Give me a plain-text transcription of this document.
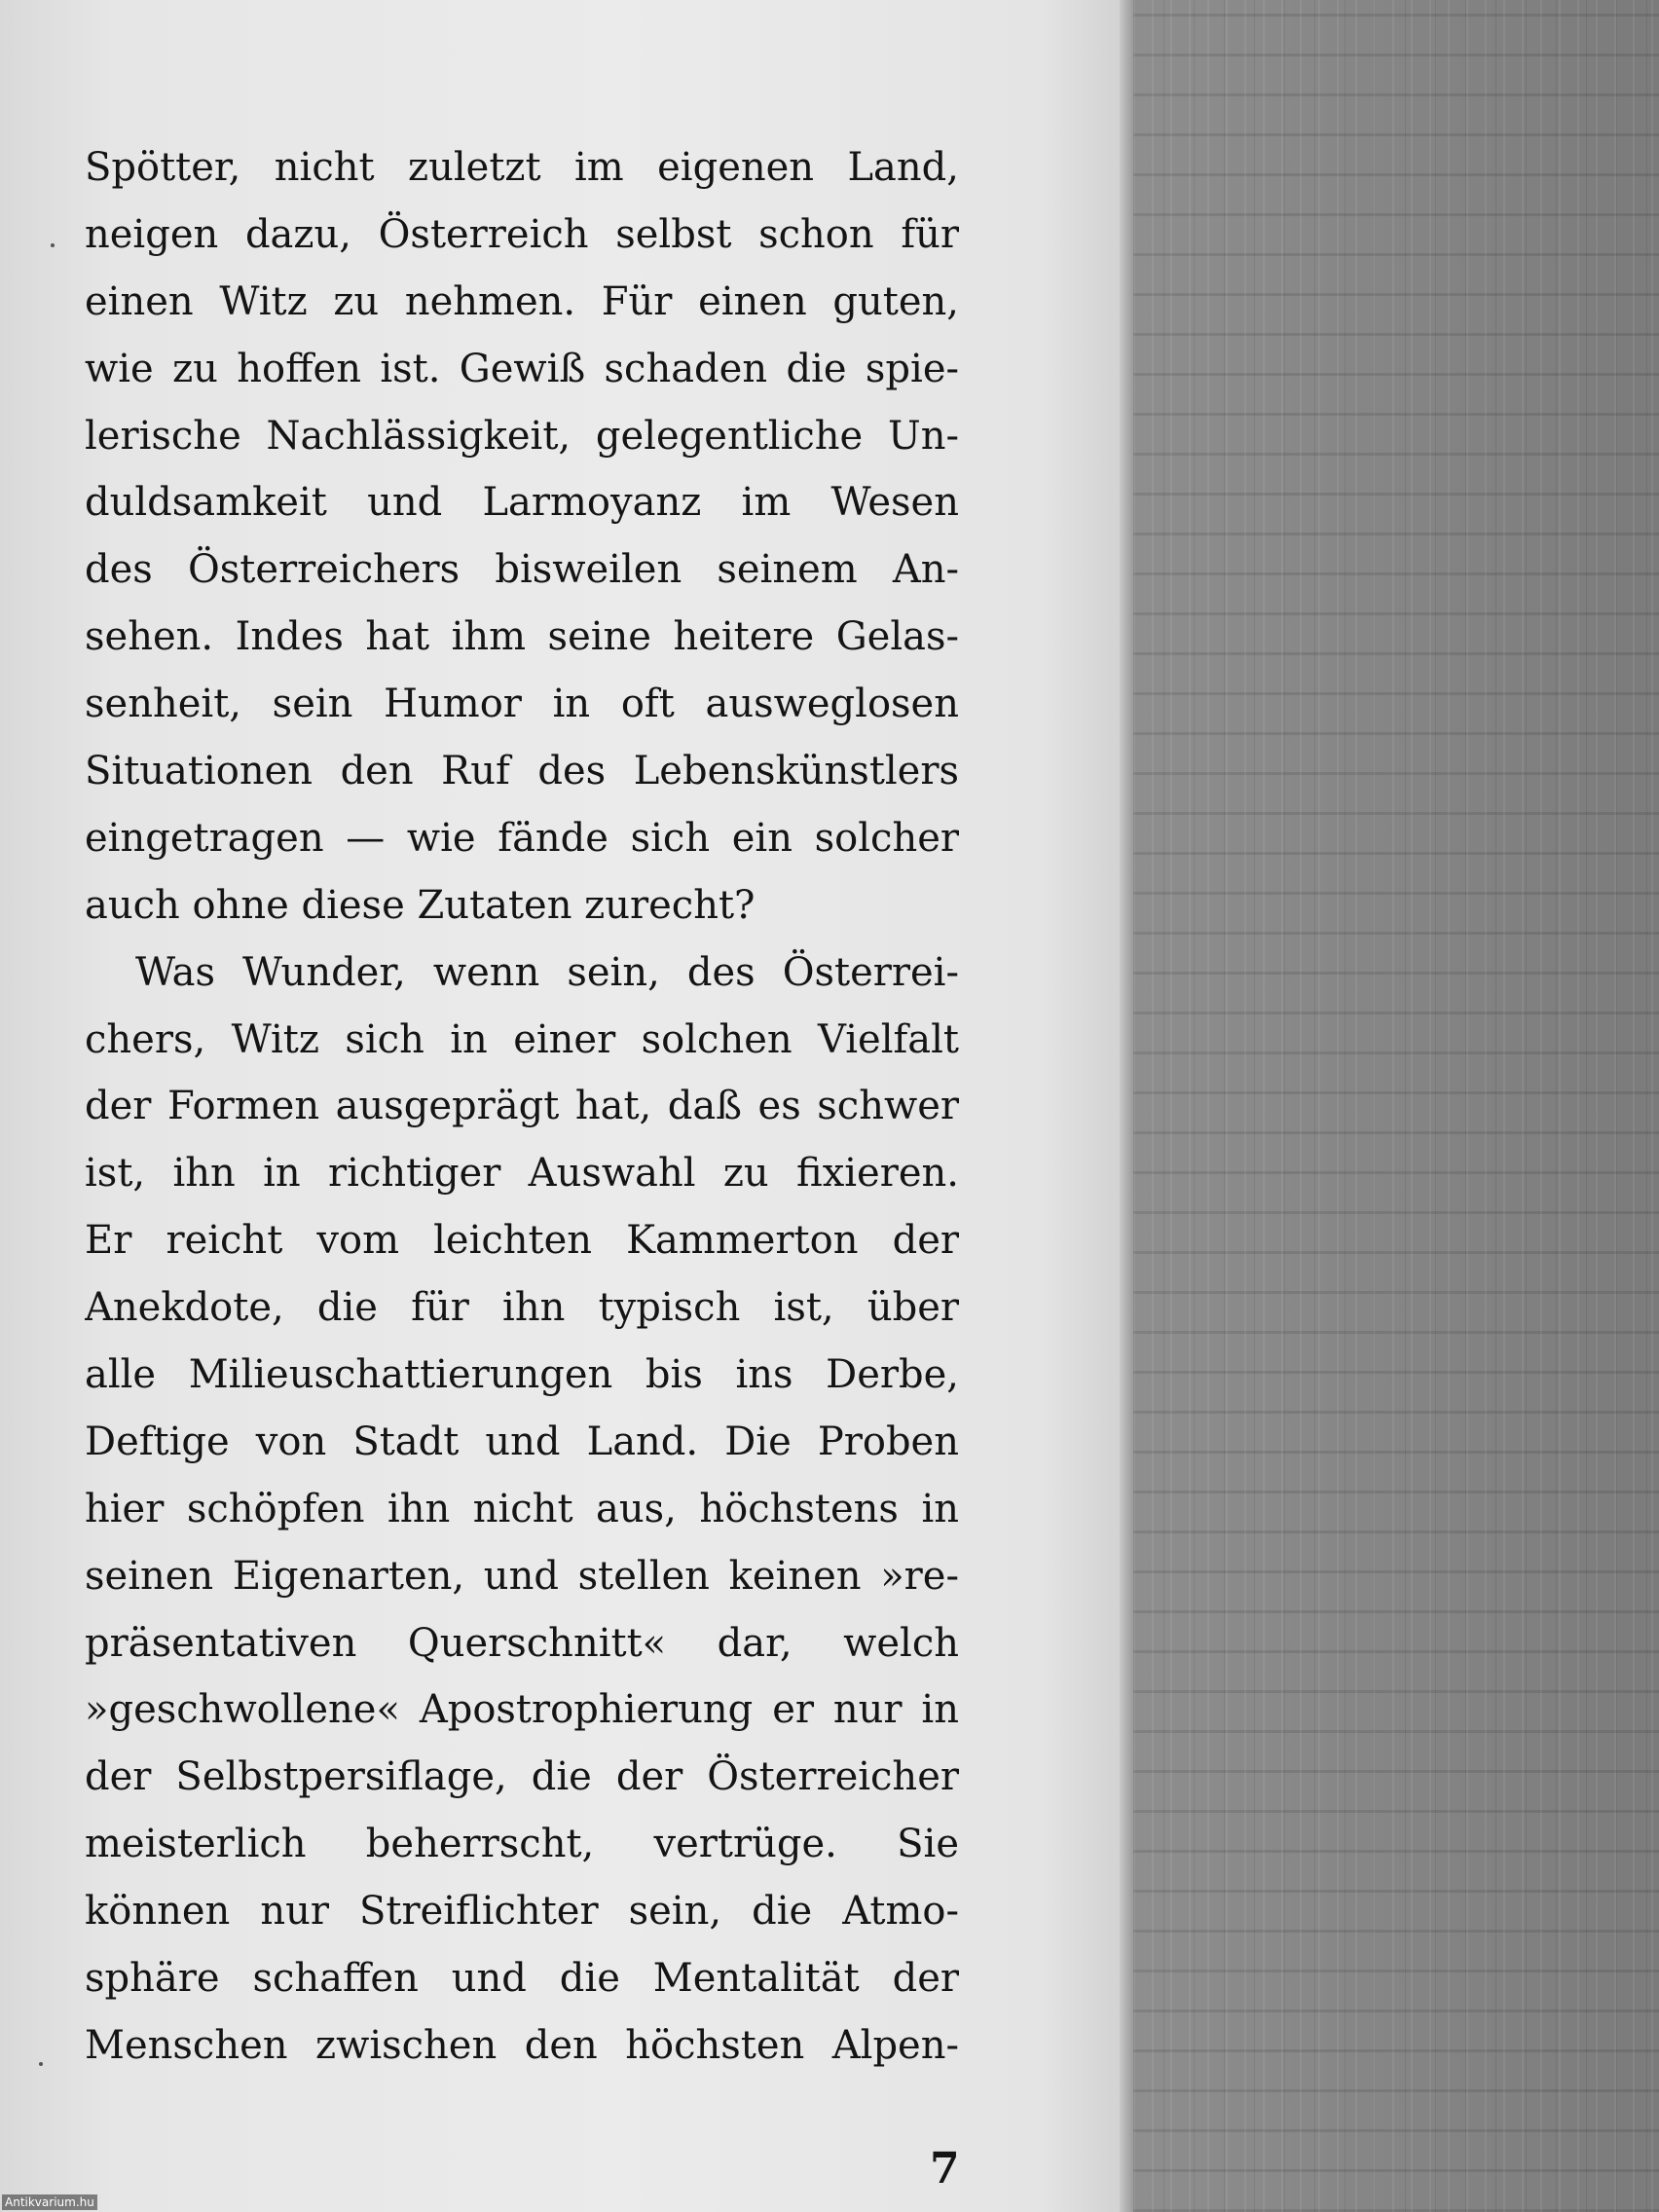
Spötter, nicht zuletzt im eigenen Land,
neigen dazu, Österreich selbst schon für
einen Witz zu nehmen. Für einen guten,
wie zu hoffen ist. Gewiß schaden die spie-
lerische Nachlässigkeit, gelegentliche Un-
duldsamkeit und Larmoyanz im Wesen
des Österreichers bisweilen seinem An-
sehen. Indes hat ihm seine heitere Gelas-
senheit, sein Humor in oft ausweglosen
Situationen den Ruf des Lebenskünstlers
eingetragen — wie fände sich ein solcher
auch ohne diese Zutaten zurecht?
Was Wunder, wenn sein, des Österrei-
chers, Witz sich in einer solchen Vielfalt
der Formen ausgeprägt hat, daß es schwer
ist, ihn in richtiger Auswahl zu fixieren.
Er reicht vom leichten Kammerton der
Anekdote, die für ihn typisch ist, über
alle Milieuschattierungen bis ins Derbe,
Deftige von Stadt und Land. Die Proben
hier schöpfen ihn nicht aus, höchstens in
seinen Eigenarten, und stellen keinen »re-
präsentativen Querschnitt« dar, welch
»geschwollene« Apostrophierung er nur in
der Selbstpersiflage, die der Österreicher
meisterlich beherrscht, vertrüge. Sie
können nur Streiflichter sein, die Atmo-
sphäre schaffen und die Mentalität der
Menschen zwischen den höchsten Alpen-
7
Antikvarium.hu
